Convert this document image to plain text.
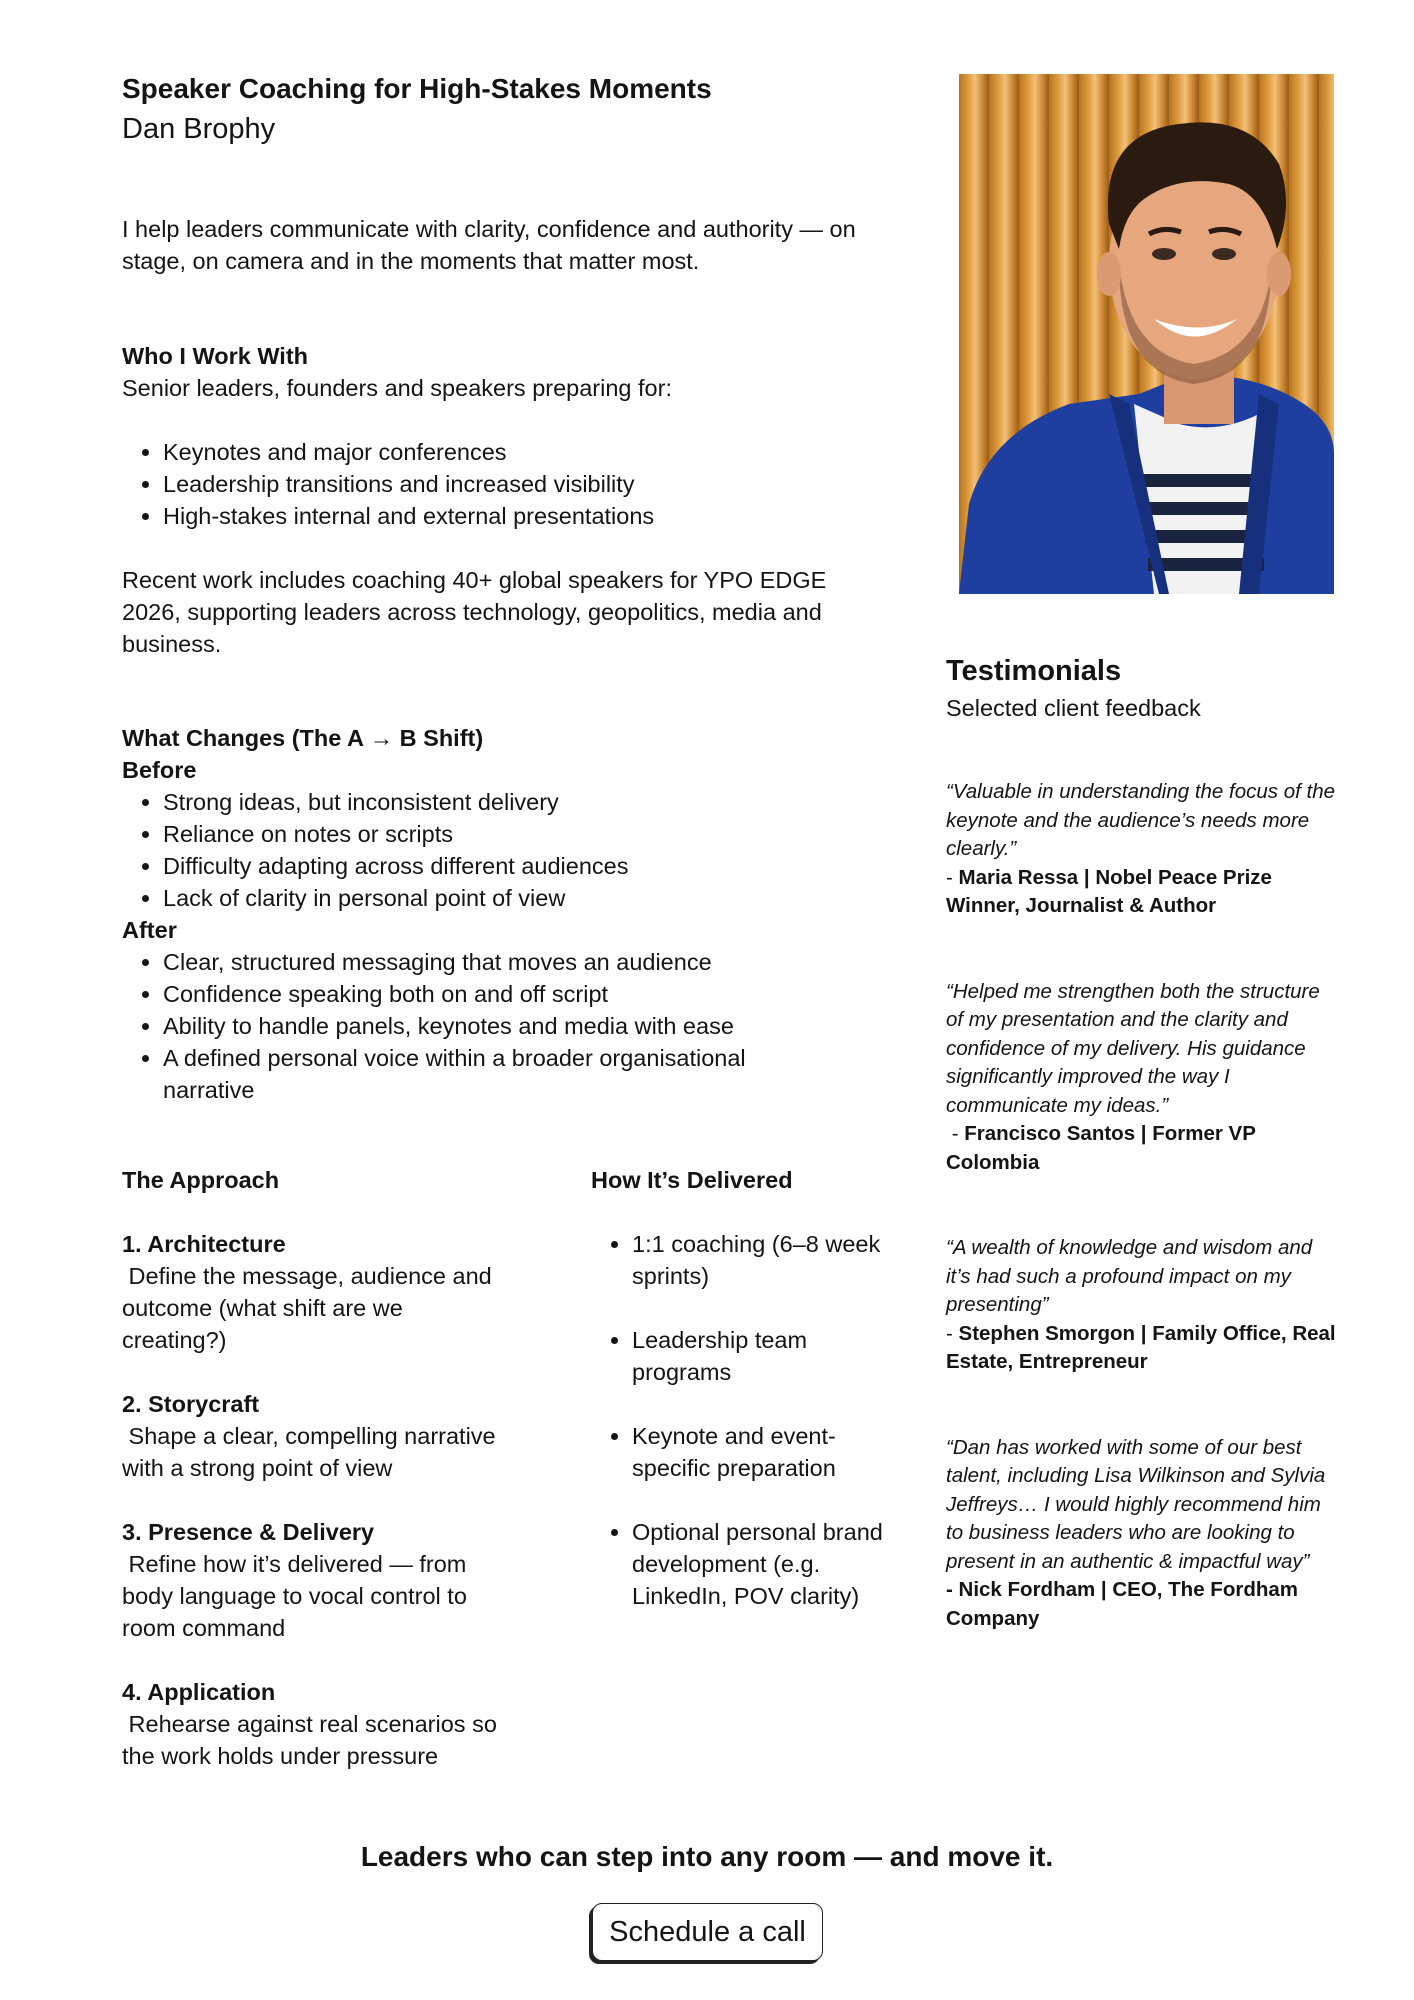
Speaker Coaching for High-Stakes Moments
Dan Brophy
I help leaders communicate with clarity, confidence and authority — on stage, on camera and in the moments that matter most.
Who I Work With
Senior leaders, founders and speakers preparing for:
• Keynotes and major conferences
• Leadership transitions and increased visibility
• High-stakes internal and external presentations
Recent work includes coaching 40+ global speakers for YPO EDGE 2026, supporting leaders across technology, geopolitics, media and business.
What Changes (The A → B Shift)
Before
• Strong ideas, but inconsistent delivery
• Reliance on notes or scripts
• Difficulty adapting across different audiences
• Lack of clarity in personal point of view
After
• Clear, structured messaging that moves an audience
• Confidence speaking both on and off script
• Ability to handle panels, keynotes and media with ease
• A defined personal voice within a broader organisational narrative
The Approach
1. Architecture
Define the message, audience and outcome (what shift are we creating?)
2. Storycraft
Shape a clear, compelling narrative with a strong point of view
3. Presence & Delivery
Refine how it’s delivered — from body language to vocal control to room command
4. Application
Rehearse against real scenarios so the work holds under pressure
How It’s Delivered
• 1:1 coaching (6–8 week sprints)
• Leadership team programs
• Keynote and event-specific preparation
• Optional personal brand development (e.g. LinkedIn, POV clarity)
Testimonials
Selected client feedback
“Valuable in understanding the focus of the keynote and the audience’s needs more clearly.”
- Maria Ressa | Nobel Peace Prize Winner, Journalist & Author
“Helped me strengthen both the structure of my presentation and the clarity and confidence of my delivery. His guidance significantly improved the way I communicate my ideas.”
- Francisco Santos | Former VP Colombia
“A wealth of knowledge and wisdom and it’s had such a profound impact on my presenting”
- Stephen Smorgon | Family Office, Real Estate, Entrepreneur
“Dan has worked with some of our best talent, including Lisa Wilkinson and Sylvia Jeffreys… I would highly recommend him to business leaders who are looking to present in an authentic & impactful way”
- Nick Fordham | CEO, The Fordham Company
Leaders who can step into any room — and move it.
Schedule a call
